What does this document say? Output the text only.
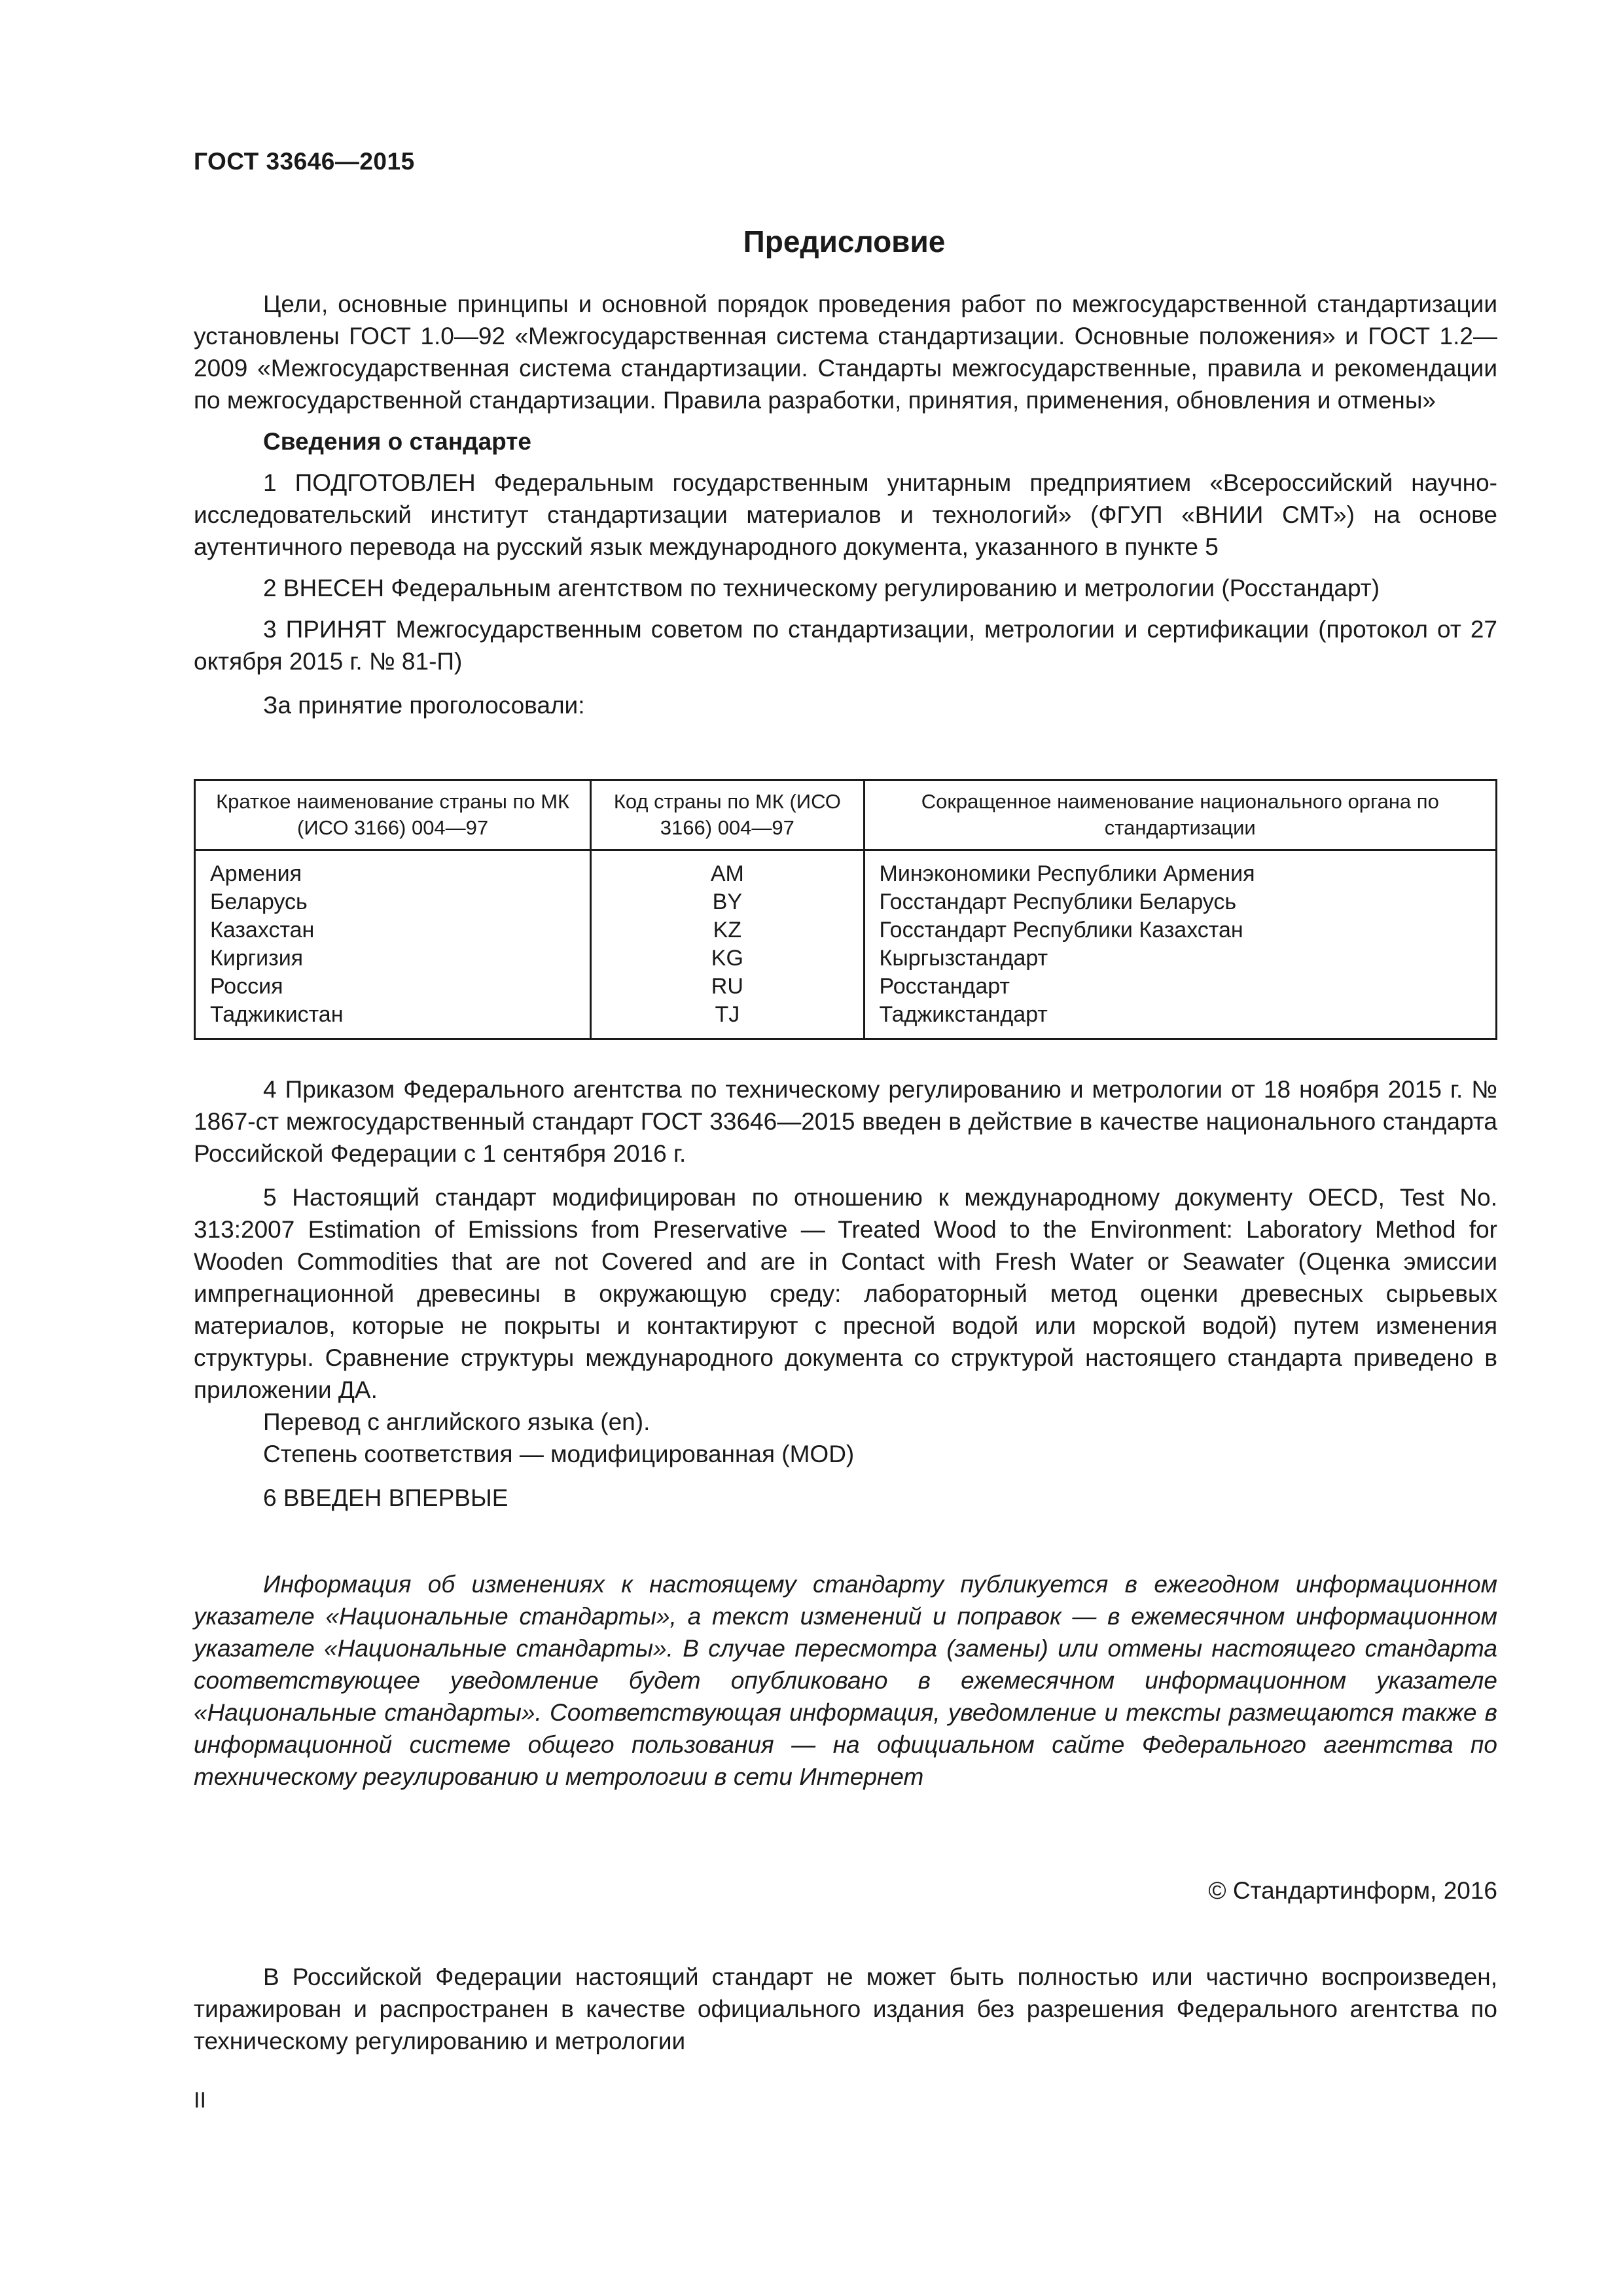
ГОСТ 33646—2015
Предисловие

Цели, основные принципы и основной порядок проведения работ по межгосударственной стандартизации установлены ГОСТ 1.0—92 «Межгосударственная система стандартизации. Основные положения» и ГОСТ 1.2—2009 «Межгосударственная система стандартизации. Стандарты межгосударственные, правила и рекомендации по межгосударственной стандартизации. Правила разработки, принятия, применения, обновления и отмены»

Сведения о стандарте

1 ПОДГОТОВЛЕН Федеральным государственным унитарным предприятием «Всероссийский научно-исследовательский институт стандартизации материалов и технологий» (ФГУП «ВНИИ СМТ») на основе аутентичного перевода на русский язык международного документа, указанного в пункте 5

2 ВНЕСЕН Федеральным агентством по техническому регулированию и метрологии (Росстандарт)

3 ПРИНЯТ Межгосударственным советом по стандартизации, метрологии и сертификации (протокол от 27 октября 2015 г. № 81-П)

За принятие проголосовали:

Краткое наименование страны по МК (ИСО 3166) 004—97	Код страны по МК (ИСО 3166) 004—97	Сокращенное наименование национального органа по стандартизации
Армения	AM	Минэкономики Республики Армения
Беларусь	BY	Госстандарт Республики Беларусь
Казахстан	KZ	Госстандарт Республики Казахстан
Киргизия	KG	Кыргызстандарт
Россия	RU	Росстандарт
Таджикистан	TJ	Таджикстандарт

4 Приказом Федерального агентства по техническому регулированию и метрологии от 18 ноября 2015 г. № 1867-ст межгосударственный стандарт ГОСТ 33646—2015 введен в действие в качестве национального стандарта Российской Федерации с 1 сентября 2016 г.

5 Настоящий стандарт модифицирован по отношению к международному документу OECD, Test No. 313:2007 Estimation of Emissions from Preservative — Treated Wood to the Environment: Laboratory Method for Wooden Commodities that are not Covered and are in Contact with Fresh Water or Seawater (Оценка эмиссии импрегнационной древесины в окружающую среду: лабораторный метод оценки древесных сырьевых материалов, которые не покрыты и контактируют с пресной водой или морской водой) путем изменения структуры. Сравнение структуры международного документа со структурой настоящего стандарта приведено в приложении ДА.

Перевод с английского языка (en).

Степень соответствия — модифицированная (MOD)

6 ВВЕДЕН ВПЕРВЫЕ

Информация об изменениях к настоящему стандарту публикуется в ежегодном информационном указателе «Национальные стандарты», а текст изменений и поправок — в ежемесячном информационном указателе «Национальные стандарты». В случае пересмотра (замены) или отмены настоящего стандарта соответствующее уведомление будет опубликовано в ежемесячном информационном указателе «Национальные стандарты». Соответствующая информация, уведомление и тексты размещаются также в информационной системе общего пользования — на официальном сайте Федерального агентства по техническому регулированию и метрологии в сети Интернет

© Стандартинформ, 2016

В Российской Федерации настоящий стандарт не может быть полностью или частично воспроизведен, тиражирован и распространен в качестве официального издания без разрешения Федерального агентства по техническому регулированию и метрологии

II
